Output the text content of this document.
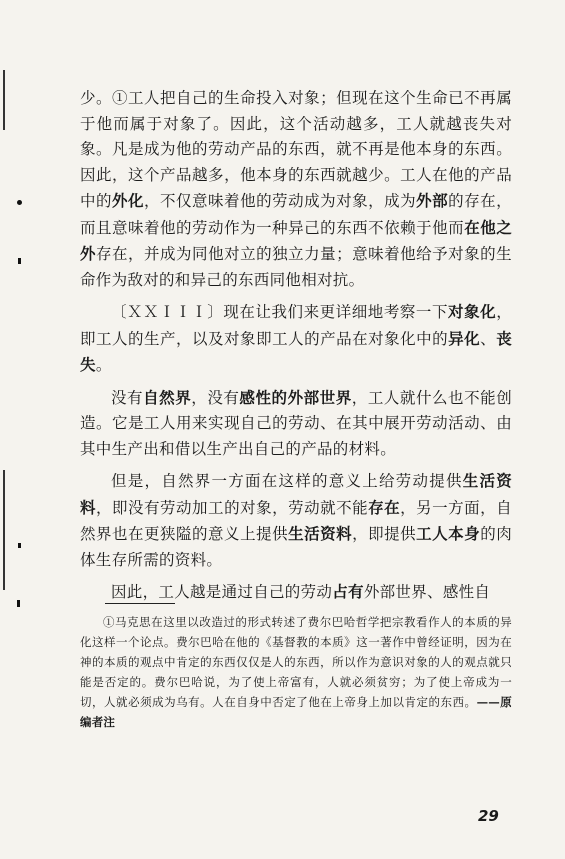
少。①工人把自己的生命投入对象；但现在这个生命已不再属于他而属于对象了。因此，这个活动越多，工人就越丧失对象。凡是成为他的劳动产品的东西，就不再是他本身的东西。因此，这个产品越多，他本身的东西就越少。工人在他的产品中的外化，不仅意味着他的劳动成为对象，成为外部的存在，而且意味着他的劳动作为一种异己的东西不依赖于他而在他之外存在，并成为同他对立的独立力量；意味着他给予对象的生命作为敌对的和异己的东西同他相对抗。

〔ＸＸＩＩＩ〕现在让我们来更详细地考察一下对象化，即工人的生产，以及对象即工人的产品在对象化中的异化、丧失。

没有自然界，没有感性的外部世界，工人就什么也不能创造。它是工人用来实现自己的劳动、在其中展开劳动活动、由其中生产出和借以生产出自己的产品的材料。

但是，自然界一方面在这样的意义上给劳动提供生活资料，即没有劳动加工的对象，劳动就不能存在，另一方面，自然界也在更狭隘的意义上提供生活资料，即提供工人本身的肉体生存所需的资料。

因此，工人越是通过自己的劳动占有外部世界、感性自

①马克思在这里以改造过的形式转述了费尔巴哈哲学把宗教看作人的本质的异化这样一个论点。费尔巴哈在他的《基督教的本质》这一著作中曾经证明，因为在神的本质的观点中肯定的东西仅仅是人的东西，所以作为意识对象的人的观点就只能是否定的。费尔巴哈说，为了使上帝富有，人就必须贫穷；为了使上帝成为一切，人就必须成为乌有。人在自身中否定了他在上帝身上加以肯定的东西。——原编者注
29
